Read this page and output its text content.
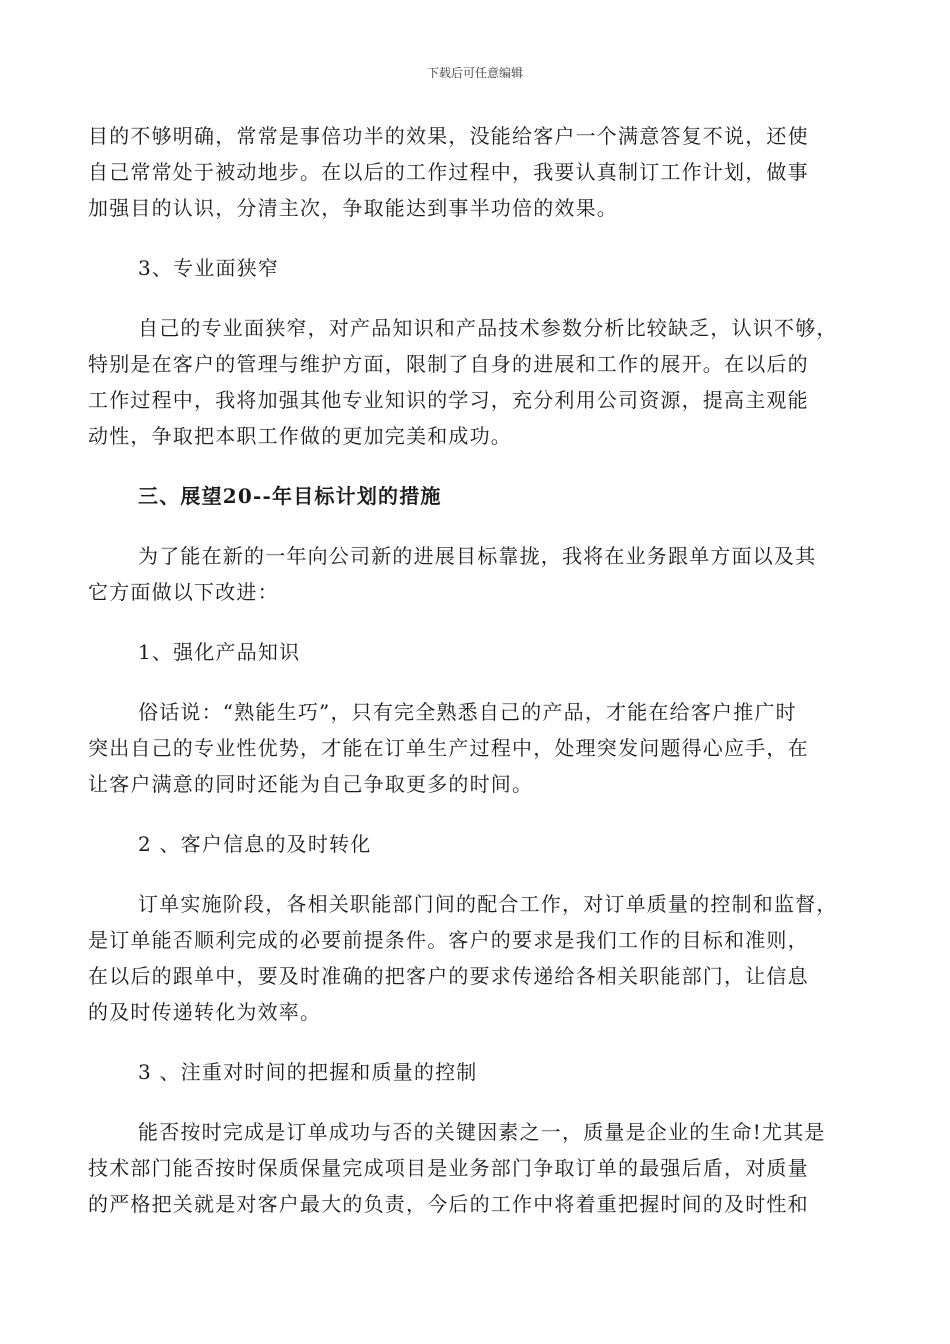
下载后可任意编辑

目的不够明确，常常是事倍功半的效果，没能给客户一个满意答复不说，还使
自己常常处于被动地步。在以后的工作过程中，我要认真制订工作计划，做事
加强目的认识，分清主次，争取能达到事半功倍的效果。

3、专业面狭窄

自己的专业面狭窄，对产品知识和产品技术参数分析比较缺乏，认识不够，
特别是在客户的管理与维护方面，限制了自身的进展和工作的展开。在以后的
工作过程中，我将加强其他专业知识的学习，充分利用公司资源，提高主观能
动性，争取把本职工作做的更加完美和成功。

三、展望20--年目标计划的措施

为了能在新的一年向公司新的进展目标靠拢，我将在业务跟单方面以及其
它方面做以下改进：

1、强化产品知识

俗话说：“熟能生巧”，只有完全熟悉自己的产品，才能在给客户推广时
突出自己的专业性优势，才能在订单生产过程中，处理突发问题得心应手，在
让客户满意的同时还能为自己争取更多的时间。

2 、客户信息的及时转化

订单实施阶段，各相关职能部门间的配合工作，对订单质量的控制和监督，
是订单能否顺利完成的必要前提条件。客户的要求是我们工作的目标和准则，
在以后的跟单中，要及时准确的把客户的要求传递给各相关职能部门，让信息
的及时传递转化为效率。

3 、注重对时间的把握和质量的控制

能否按时完成是订单成功与否的关键因素之一，质量是企业的生命!尤其是
技术部门能否按时保质保量完成项目是业务部门争取订单的最强后盾，对质量
的严格把关就是对客户最大的负责，今后的工作中将着重把握时间的及时性和
